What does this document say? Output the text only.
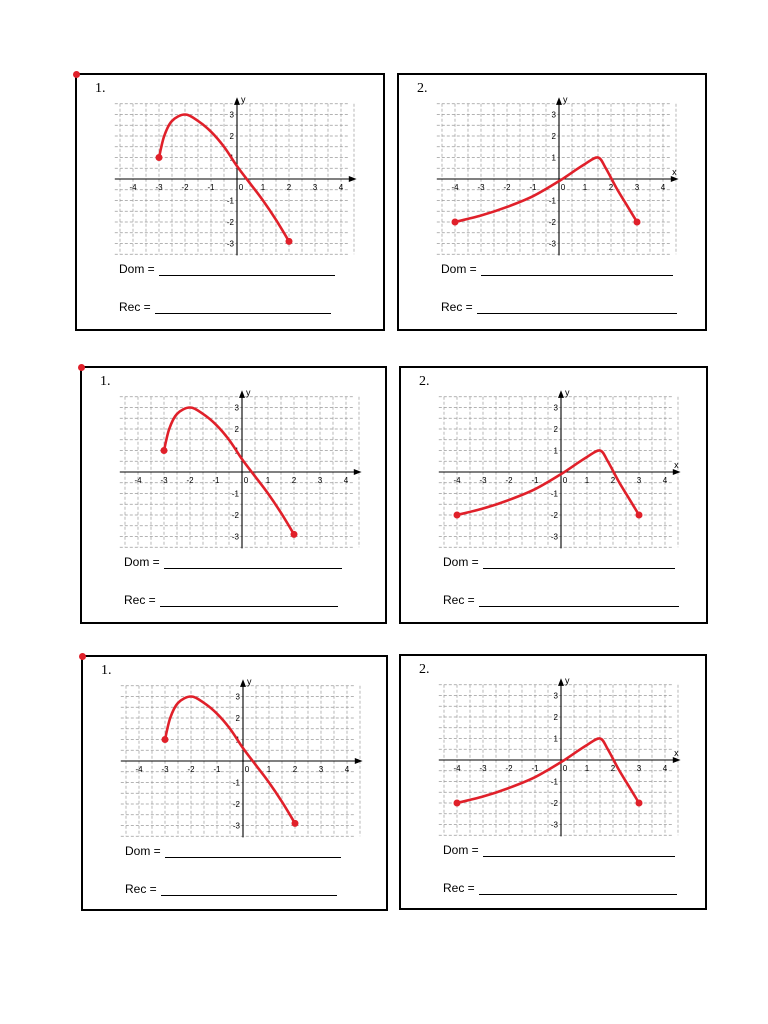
1.
y
-4 -3 -2 -1	0 1	2	3	4
3
2
1
-1
-2
-3
Dom =
Rec =
2.
y
x
-4 -3 -2 -1	0 1	2	3	4
3
2
1
-1
-2
-3
Dom =
Rec =
1.
y
-4 -3 -2 -1	0 1	2	3	4
3
2
1
-1
-2
-3
Dom =
Rec =
2.
y
x
-4 -3 -2 -1	0 1	2	3	4
3
2
1
-1
-2
-3
Dom =
Rec =
1.
y
-4 -3 -2 -1	0 1	2	3	4
3
2
1
-1
-2
-3
Dom =
Rec =
2.
y
x
-4 -3 -2 -1	0 1	2	3	4
3
2
1
-1
-2
-3
Dom =
Rec =
